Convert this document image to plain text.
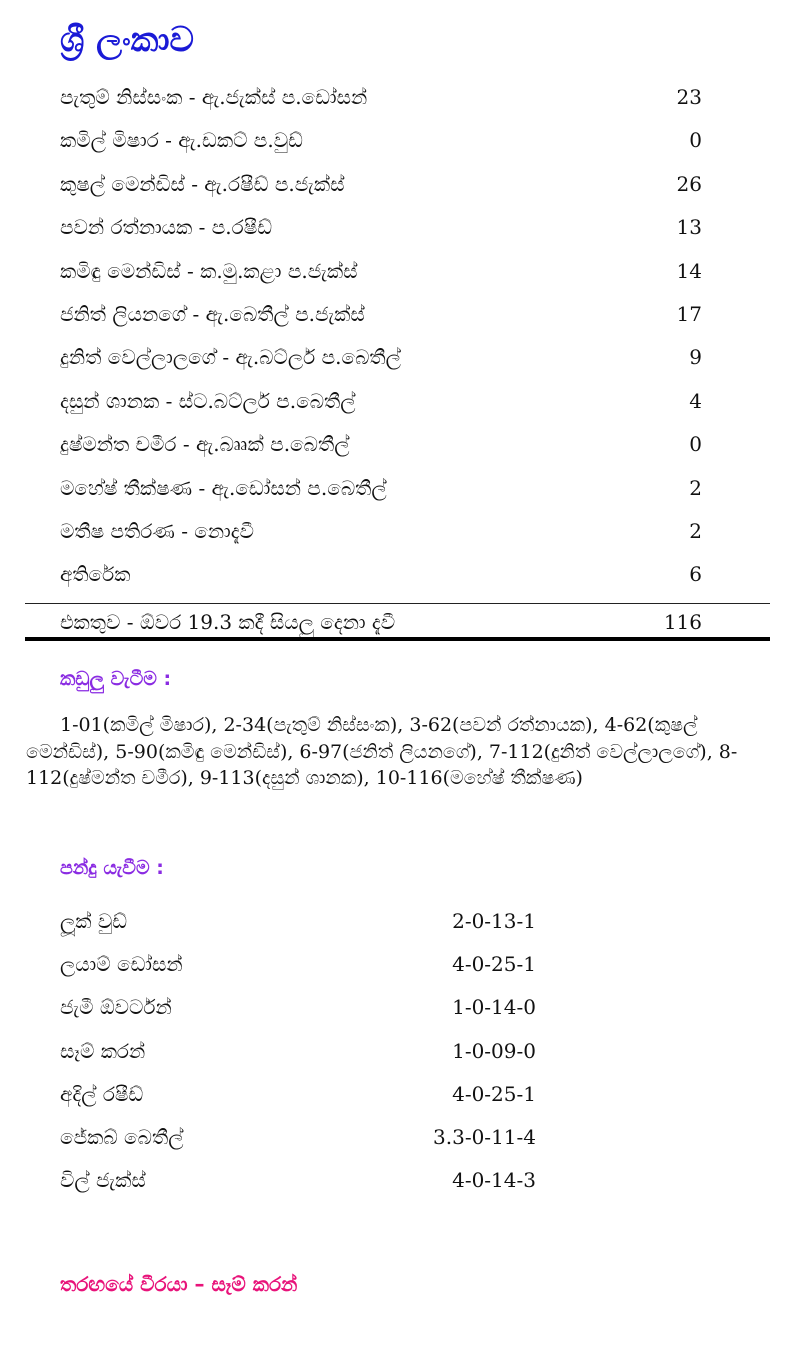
ශ්‍රී ලංකාව
පැතුම් නිස්සංක - ඇ.ජැක්ස් ප.ඩෝසන්	23
කමිල් මිෂාර - ඇ.ඩකට් ප.වුඩ්	0
කුෂල් මෙන්ඩිස් - ඇ.රෂීඩ් ප.ජැක්ස්	26
පවන් රත්නායක - ප.රෂීඩ්	13
කමිඳු මෙන්ඩිස් - ක.මු.කළා ප.ජැක්ස්	14
ජනිත් ලියනගේ - ඇ.බෙතීල් ප.ජැක්ස්	17
දුනිත් වෙල්ලාලගේ - ඇ.බට්ලර් ප.බෙතීල්	9
දසුන් ශානක - ස්ට.බට්ලර් ප.බෙතීල්	4
දුෂ්මන්ත චමීර - ඇ.බෲක් ප.බෙතීල්	0
මහේෂ් තීක්ෂණ - ඇ.ඩෝසන් ප.බෙතීල්	2
මතීෂ පතිරණ - නොදැවී	2
අතිරේක	6
එකතුව - ඕවර 19.3 කදී සියලු දෙනා දැවී	116
කඩුලු වැටීම :

1-01(කමිල් මිෂාර), 2-34(පැතුම් නිස්සංක), 3-62(පවන් රත්නායක), 4-62(කුෂල් මෙන්ඩිස්), 5-90(කමිඳු මෙන්ඩිස්), 6-97(ජනිත් ලියනගේ), 7-112(දුනිත් වෙල්ලාලගේ), 8-112(දුෂ්මන්ත චමීර), 9-113(දසුන් ශානක), 10-116(මහේෂ් තීක්ෂණ)

පන්දු යැවීම :
ලූක් වුඩ්	2-0-13-1
ලයාම් ඩෝසන්	4-0-25-1
ජැමී ඕවර්ටන්	1-0-14-0
සෑම් කරන්	1-0-09-0
අදිල් රෂීඩ්	4-0-25-1
ජේකබ් බෙතීල්	3.3-0-11-4
විල් ජැක්ස්	4-0-14-3
තරඟයේ වීරයා – සෑම් කරන්
